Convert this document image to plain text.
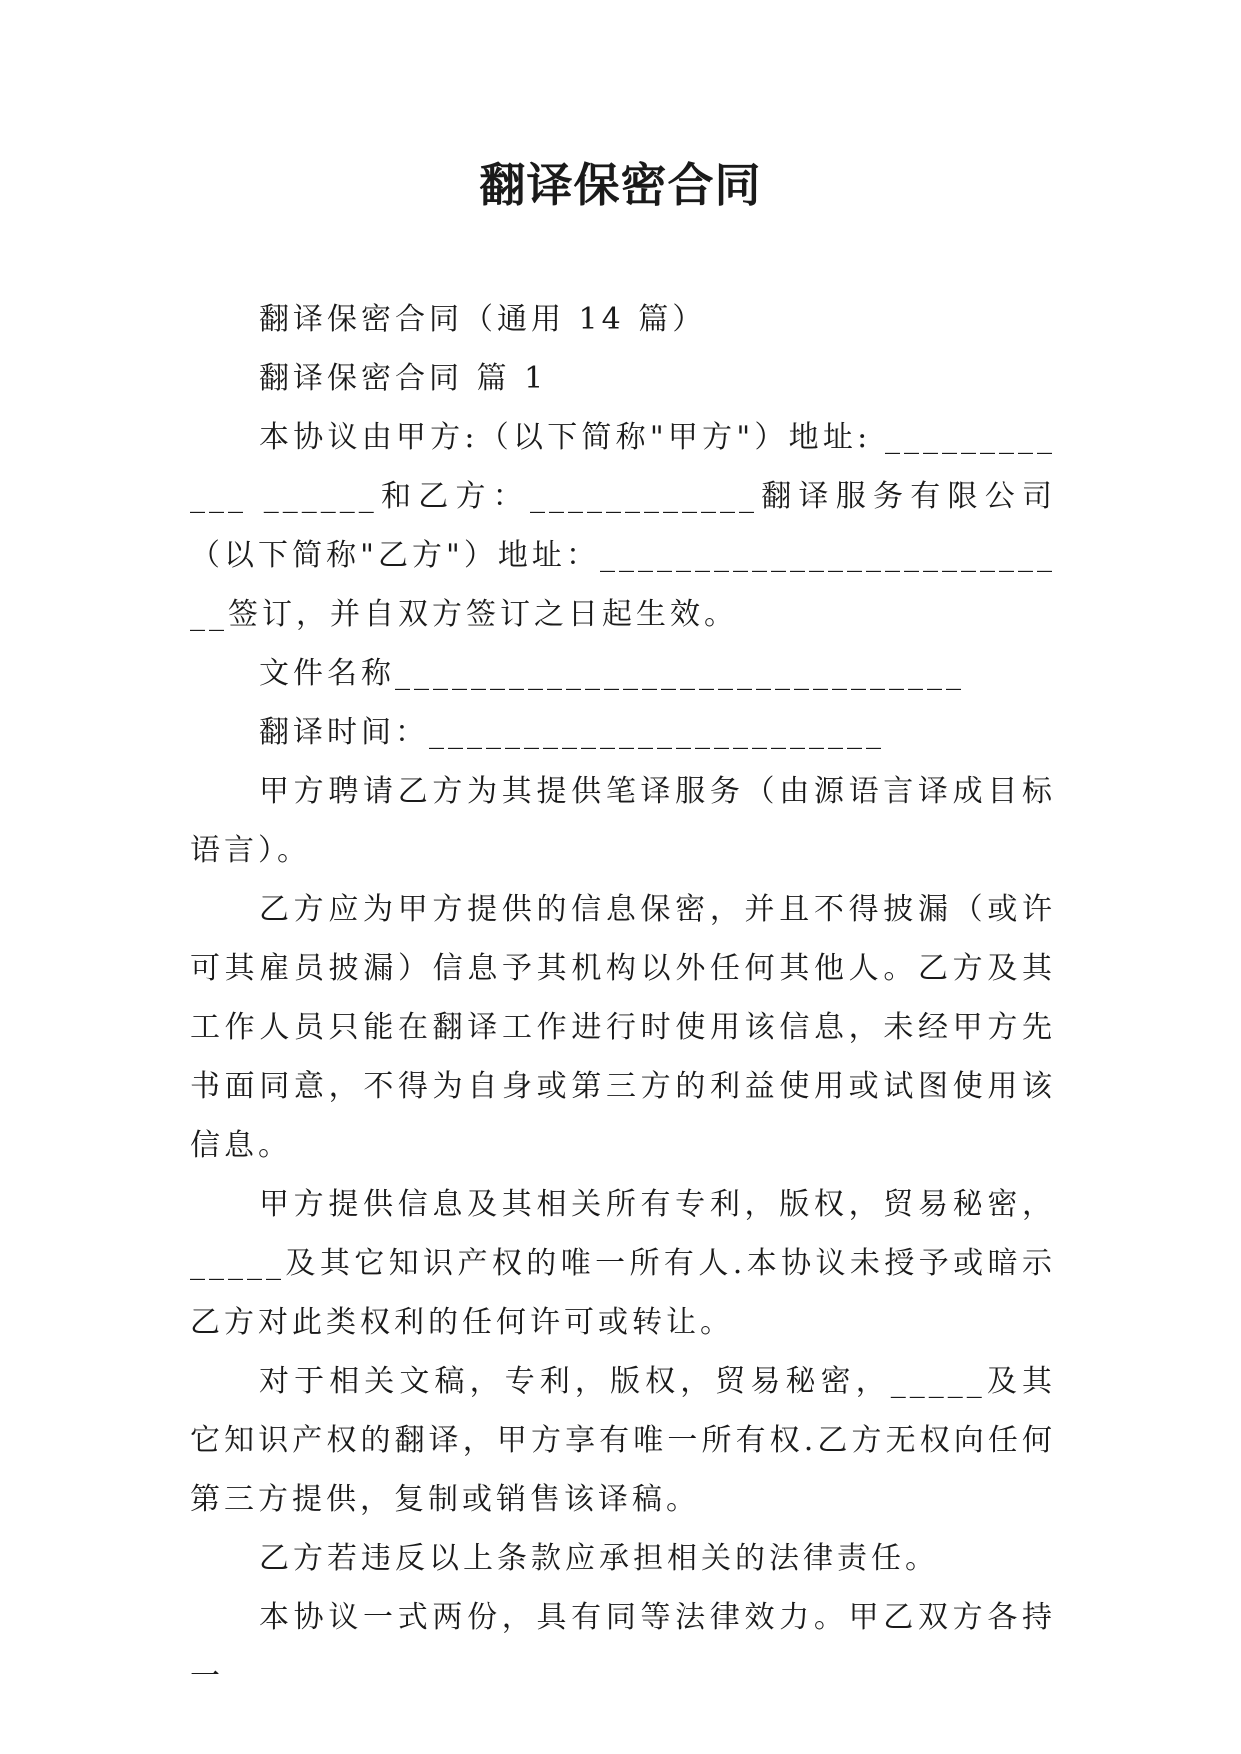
翻译保密合同

翻译保密合同（通用 14 篇）

翻译保密合同 篇 1

本协议由甲方:（以下简称"甲方"）地址: ____________ ______和乙方：____________翻译服务有限公司（以下简称"乙方"）地址：__________________________签订，并自双方签订之日起生效。

文件名称______________________________

翻译时间：________________________

甲方聘请乙方为其提供笔译服务（由源语言译成目标语言）。

乙方应为甲方提供的信息保密，并且不得披漏（或许可其雇员披漏）信息予其机构以外任何其他人。乙方及其工作人员只能在翻译工作进行时使用该信息，未经甲方先书面同意，不得为自身或第三方的利益使用或试图使用该信息。

甲方提供信息及其相关所有专利，版权，贸易秘密，_____及其它知识产权的唯一所有人.本协议未授予或暗示乙方对此类权利的任何许可或转让。

对于相关文稿，专利，版权，贸易秘密，_____及其它知识产权的翻译，甲方享有唯一所有权.乙方无权向任何第三方提供，复制或销售该译稿。

乙方若违反以上条款应承担相关的法律责任。

本协议一式两份，具有同等法律效力。甲乙双方各持一
